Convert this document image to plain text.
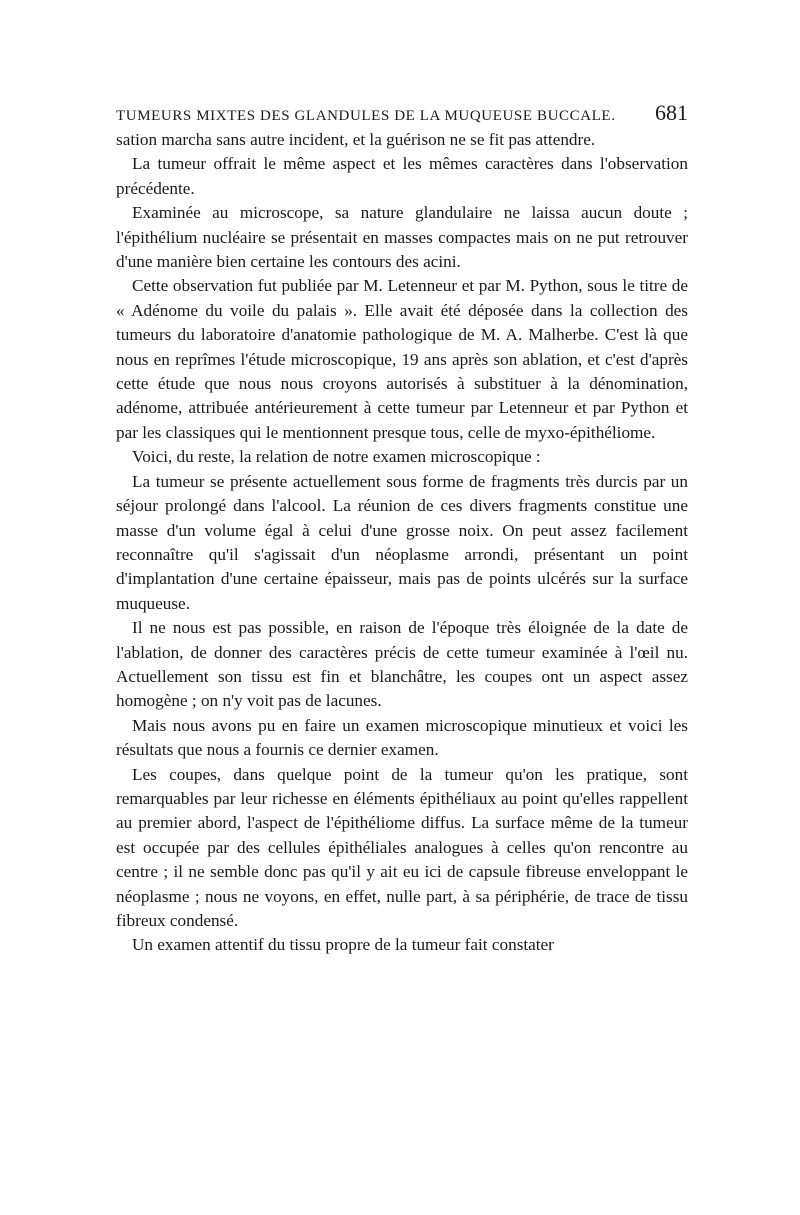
TUMEURS MIXTES DES GLANDULES DE LA MUQUEUSE BUCCALE. 681

sation marcha sans autre incident, et la guérison ne se fit pas attendre.

La tumeur offrait le même aspect et les mêmes caractères dans l'observation précédente.

Examinée au microscope, sa nature glandulaire ne laissa aucun doute ; l'épithélium nucléaire se présentait en masses compactes mais on ne put retrouver d'une manière bien certaine les contours des acini.

Cette observation fut publiée par M. Letenneur et par M. Python, sous le titre de « Adénome du voile du palais ». Elle avait été déposée dans la collection des tumeurs du laboratoire d'anatomie pathologique de M. A. Malherbe. C'est là que nous en reprîmes l'étude microscopique, 19 ans après son ablation, et c'est d'après cette étude que nous nous croyons autorisés à substituer à la dénomination, adénome, attribuée antérieurement à cette tumeur par Letenneur et par Python et par les classiques qui le mentionnent presque tous, celle de myxo-épithéliome.

Voici, du reste, la relation de notre examen microscopique :

La tumeur se présente actuellement sous forme de fragments très durcis par un séjour prolongé dans l'alcool. La réunion de ces divers fragments constitue une masse d'un volume égal à celui d'une grosse noix. On peut assez facilement reconnaître qu'il s'agissait d'un néoplasme arrondi, présentant un point d'implantation d'une certaine épaisseur, mais pas de points ulcérés sur la surface muqueuse.

Il ne nous est pas possible, en raison de l'époque très éloignée de la date de l'ablation, de donner des caractères précis de cette tumeur examinée à l'œil nu. Actuellement son tissu est fin et blanchâtre, les coupes ont un aspect assez homogène ; on n'y voit pas de lacunes.

Mais nous avons pu en faire un examen microscopique minutieux et voici les résultats que nous a fournis ce dernier examen.

Les coupes, dans quelque point de la tumeur qu'on les pratique, sont remarquables par leur richesse en éléments épithéliaux au point qu'elles rappellent au premier abord, l'aspect de l'épithéliome diffus. La surface même de la tumeur est occupée par des cellules épithéliales analogues à celles qu'on rencontre au centre ; il ne semble donc pas qu'il y ait eu ici de capsule fibreuse enveloppant le néoplasme ; nous ne voyons, en effet, nulle part, à sa périphérie, de trace de tissu fibreux condensé.

Un examen attentif du tissu propre de la tumeur fait constater
